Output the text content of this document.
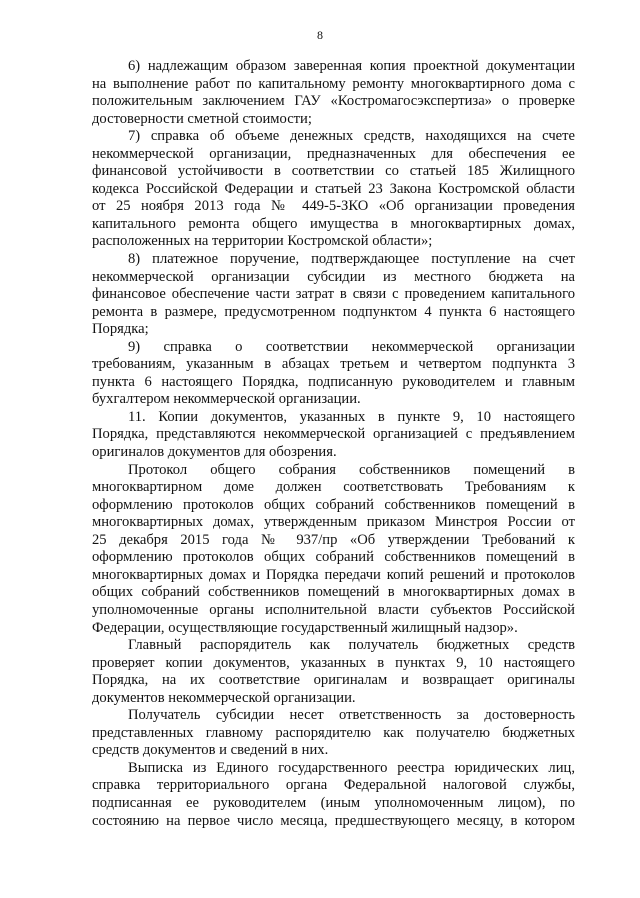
8
6) надлежащим образом заверенная копия проектной документации
на выполнение работ по капитальному ремонту многоквартирного дома с
положительным заключением ГАУ «Костромагосэкспертиза» о проверке
достоверности сметной стоимости;
7) справка об объеме денежных средств, находящихся на счете
некоммерческой организации, предназначенных для обеспечения ее
финансовой устойчивости в соответствии со статьей 185 Жилищного
кодекса Российской Федерации и статьей 23 Закона Костромской области
от 25 ноября 2013 года № 449-5-ЗКО «Об организации проведения
капитального ремонта общего имущества в многоквартирных домах,
расположенных на территории Костромской области»;
8) платежное поручение, подтверждающее поступление на счет
некоммерческой организации субсидии из местного бюджета на
финансовое обеспечение части затрат в связи с проведением капитального
ремонта в размере, предусмотренном подпунктом 4 пункта 6 настоящего
Порядка;
9) справка о соответствии некоммерческой организации
требованиям, указанным в абзацах третьем и четвертом подпункта 3
пункта 6 настоящего Порядка, подписанную руководителем и главным
бухгалтером некоммерческой организации.
11. Копии документов, указанных в пункте 9, 10 настоящего
Порядка, представляются некоммерческой организацией с предъявлением
оригиналов документов для обозрения.
Протокол общего собрания собственников помещений в
многоквартирном доме должен соответствовать Требованиям к
оформлению протоколов общих собраний собственников помещений в
многоквартирных домах, утвержденным приказом Минстроя России от
25 декабря 2015 года № 937/пр «Об утверждении Требований к
оформлению протоколов общих собраний собственников помещений в
многоквартирных домах и Порядка передачи копий решений и протоколов
общих собраний собственников помещений в многоквартирных домах в
уполномоченные органы исполнительной власти субъектов Российской
Федерации, осуществляющие государственный жилищный надзор».
Главный распорядитель как получатель бюджетных средств
проверяет копии документов, указанных в пунктах 9, 10 настоящего
Порядка, на их соответствие оригиналам и возвращает оригиналы
документов некоммерческой организации.
Получатель субсидии несет ответственность за достоверность
представленных главному распорядителю как получателю бюджетных
средств документов и сведений в них.
Выписка из Единого государственного реестра юридических лиц,
справка территориального органа Федеральной налоговой службы,
подписанная ее руководителем (иным уполномоченным лицом), по
состоянию на первое число месяца, предшествующего месяцу, в котором
